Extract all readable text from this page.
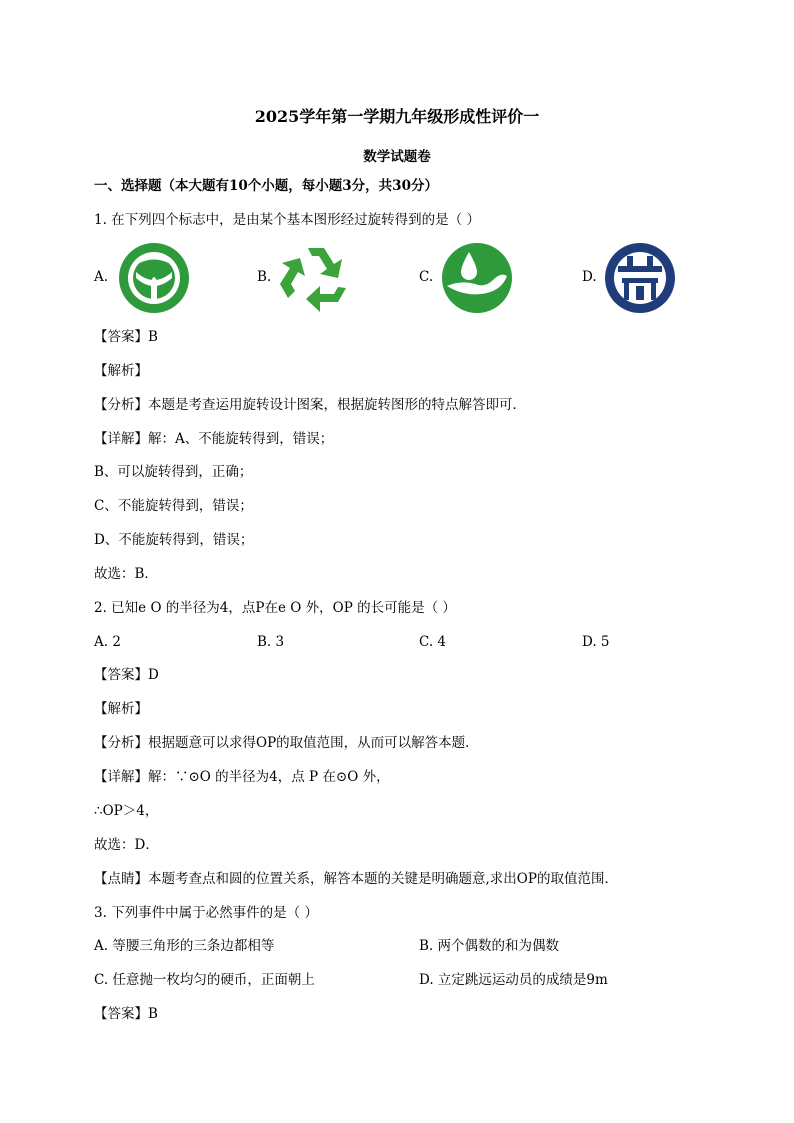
2025学年第一学期九年级形成性评价一
数学试题卷
一、选择题（本大题有10个小题，每小题3分，共30分）
1. 在下列四个标志中，是由某个基本图形经过旋转得到的是（ ）
A.	B.	C.	D.
【答案】B
【解析】
【分析】本题是考查运用旋转设计图案，根据旋转图形的特点解答即可．
【详解】解：A、不能旋转得到，错误；
B、可以旋转得到，正确；
C、不能旋转得到，错误；
D、不能旋转得到，错误；
故选：B．
2. 已知e O 的半径为4，点P在e O 外，OP 的长可能是（ ）
A. 2	B. 3	C. 4	D. 5
【答案】D
【解析】
【分析】根据题意可以求得OP的取值范围，从而可以解答本题．
【详解】解：∵⊙O 的半径为4，点 P 在⊙O 外，
∴OP＞4，
故选：D．
【点睛】本题考查点和圆的位置关系，解答本题的关键是明确题意,求出OP的取值范围．
3. 下列事件中属于必然事件的是（ ）
A. 等腰三角形的三条边都相等	B. 两个偶数的和为偶数
C. 任意抛一枚均匀的硬币，正面朝上	D. 立定跳远运动员的成绩是9m
【答案】B
